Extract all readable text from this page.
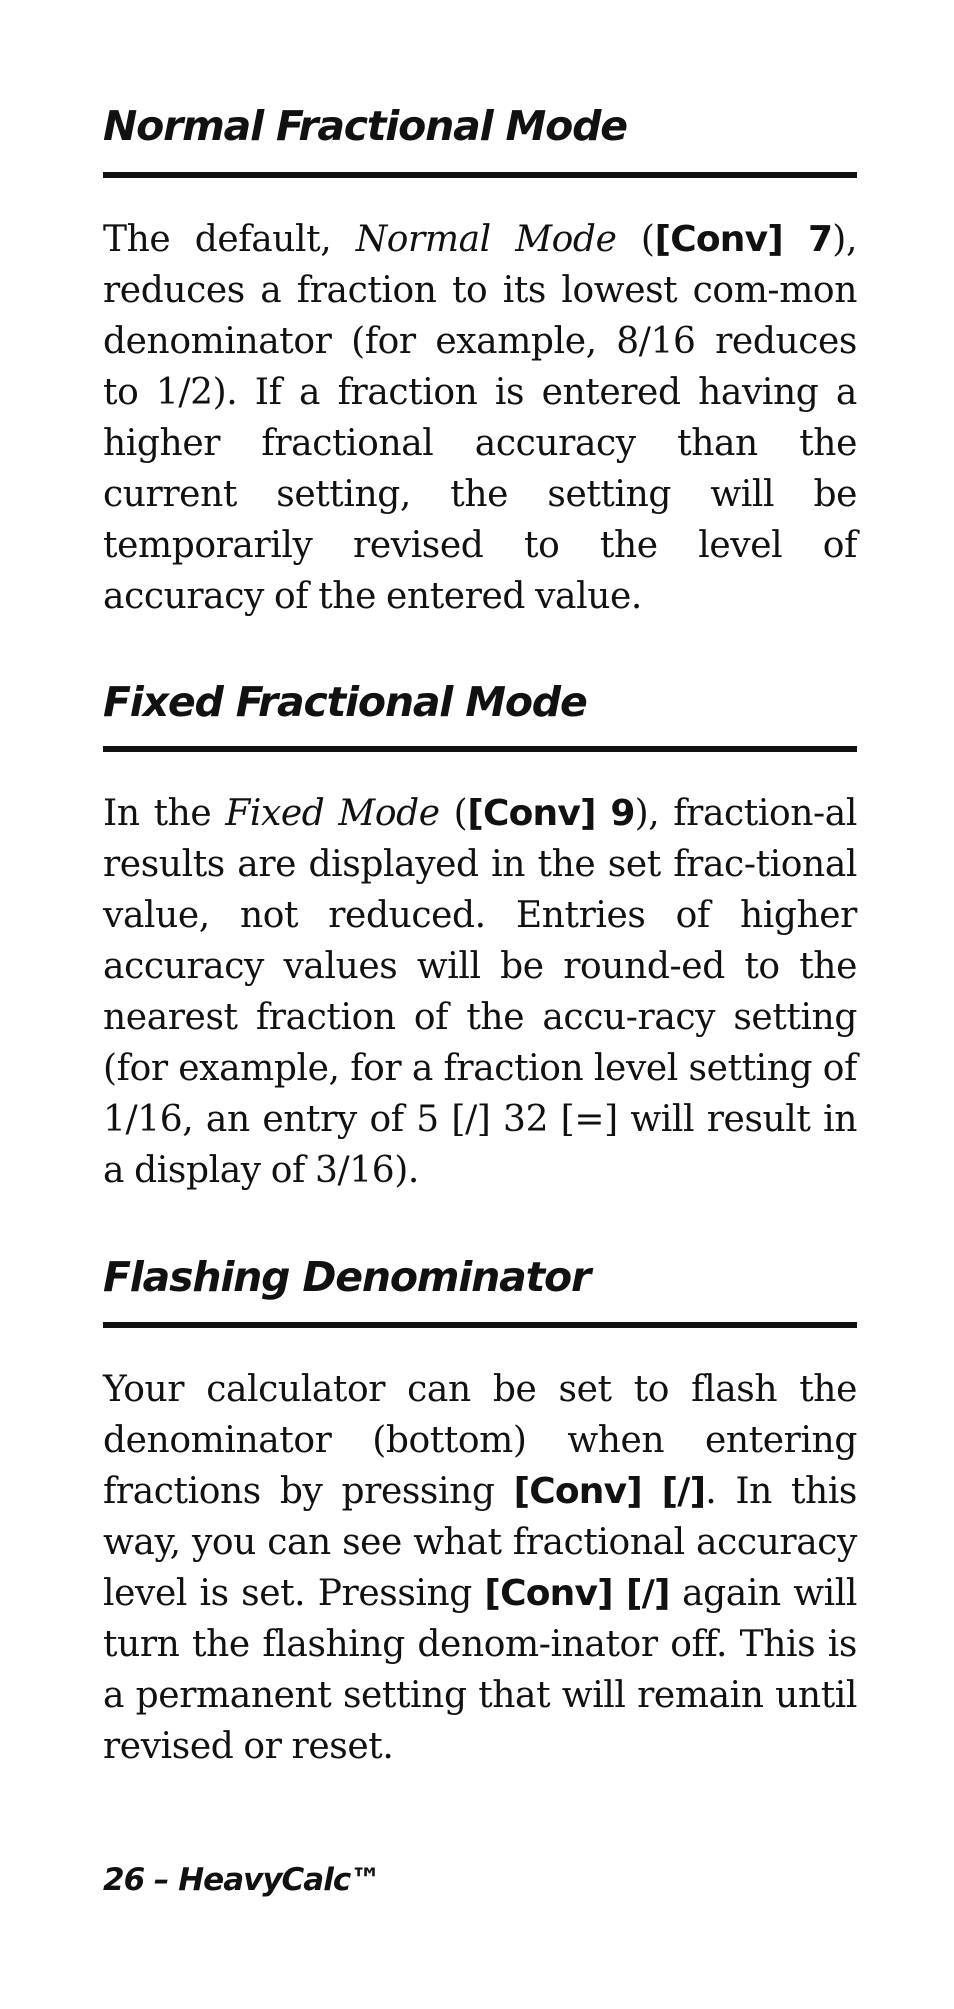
Normal Fractional Mode

The default, Normal Mode ([Conv] 7), reduces a fraction to its lowest com-mon denominator (for example, 8/16 reduces to 1/2). If a fraction is entered having a higher fractional accuracy than the current setting, the setting will be temporarily revised to the level of accuracy of the entered value.

Fixed Fractional Mode

In the Fixed Mode ([Conv] 9), fraction-al results are displayed in the set frac-tional value, not reduced. Entries of higher accuracy values will be round-ed to the nearest fraction of the accu-racy setting (for example, for a fraction level setting of 1/16, an entry of 5 [/] 32 [=] will result in a display of 3/16).

Flashing Denominator

Your calculator can be set to flash the denominator (bottom) when entering fractions by pressing [Conv] [/]. In this way, you can see what fractional accuracy level is set. Pressing [Conv] [/] again will turn the flashing denom-inator off. This is a permanent setting that will remain until revised or reset.

26 – HeavyCalc™
